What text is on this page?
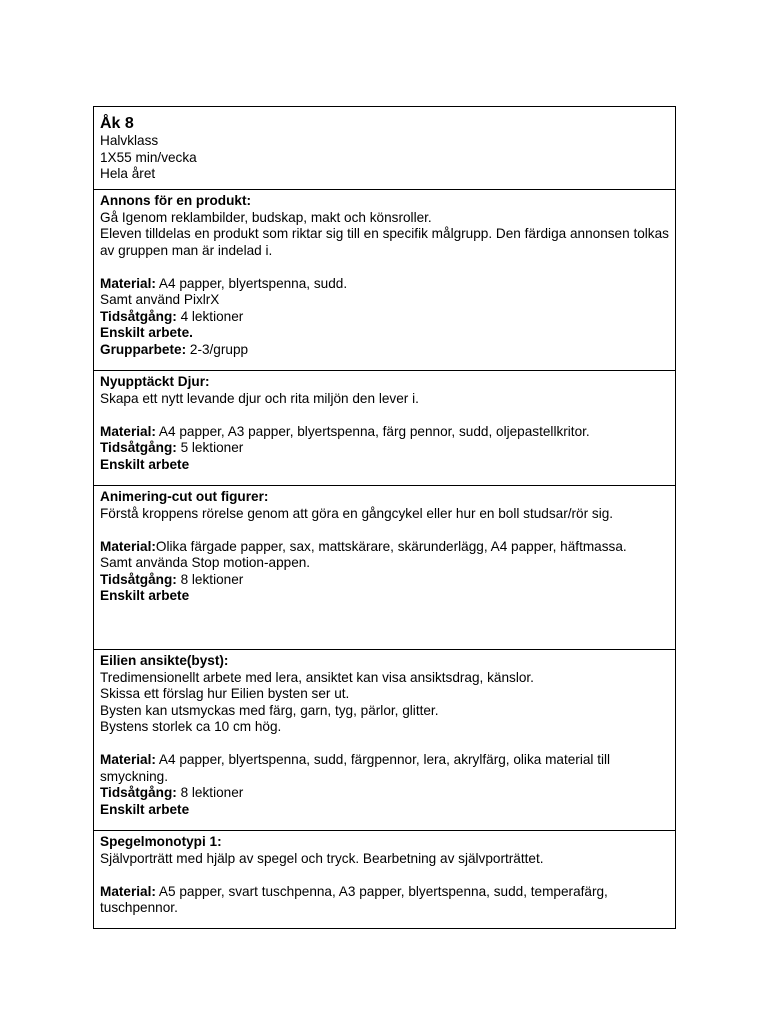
Åk 8
Halvklass
1X55 min/vecka
Hela året
Annons för en produkt:
Gå Igenom reklambilder, budskap, makt och könsroller.
Eleven tilldelas en produkt som riktar sig till en specifik målgrupp. Den färdiga annonsen tolkas av gruppen man är indelad i.
Material: A4 papper, blyertspenna, sudd.
Samt använd PixlrX
Tidsåtgång: 4 lektioner
Enskilt arbete.
Grupparbete: 2-3/grupp
Nyupptäckt Djur:
Skapa ett nytt levande djur och rita miljön den lever i.
Material: A4 papper, A3 papper, blyertspenna, färg pennor, sudd, oljepastellkritor.
Tidsåtgång: 5 lektioner
Enskilt arbete
Animering-cut out figurer:
Förstå kroppens rörelse genom att göra en gångcykel eller hur en boll studsar/rör sig.
Material:Olika färgade papper, sax, mattskärare, skärunderlägg, A4 papper, häftmassa.
Samt använda Stop motion-appen.
Tidsåtgång: 8 lektioner
Enskilt arbete
Eilien ansikte(byst):
Tredimensionellt arbete med lera, ansiktet kan visa ansiktsdrag, känslor.
Skissa ett förslag hur Eilien bysten ser ut.
Bysten kan utsmyckas med färg, garn, tyg, pärlor, glitter.
Bystens storlek ca 10 cm hög.
Material: A4 papper, blyertspenna, sudd, färgpennor, lera, akrylfärg, olika material till smyckning.
Tidsåtgång: 8 lektioner
Enskilt arbete
Spegelmonotypi 1:
Självporträtt med hjälp av spegel och tryck. Bearbetning av självporträttet.
Material: A5 papper, svart tuschpenna, A3 papper, blyertspenna, sudd, temperafärg, tuschpennor.
